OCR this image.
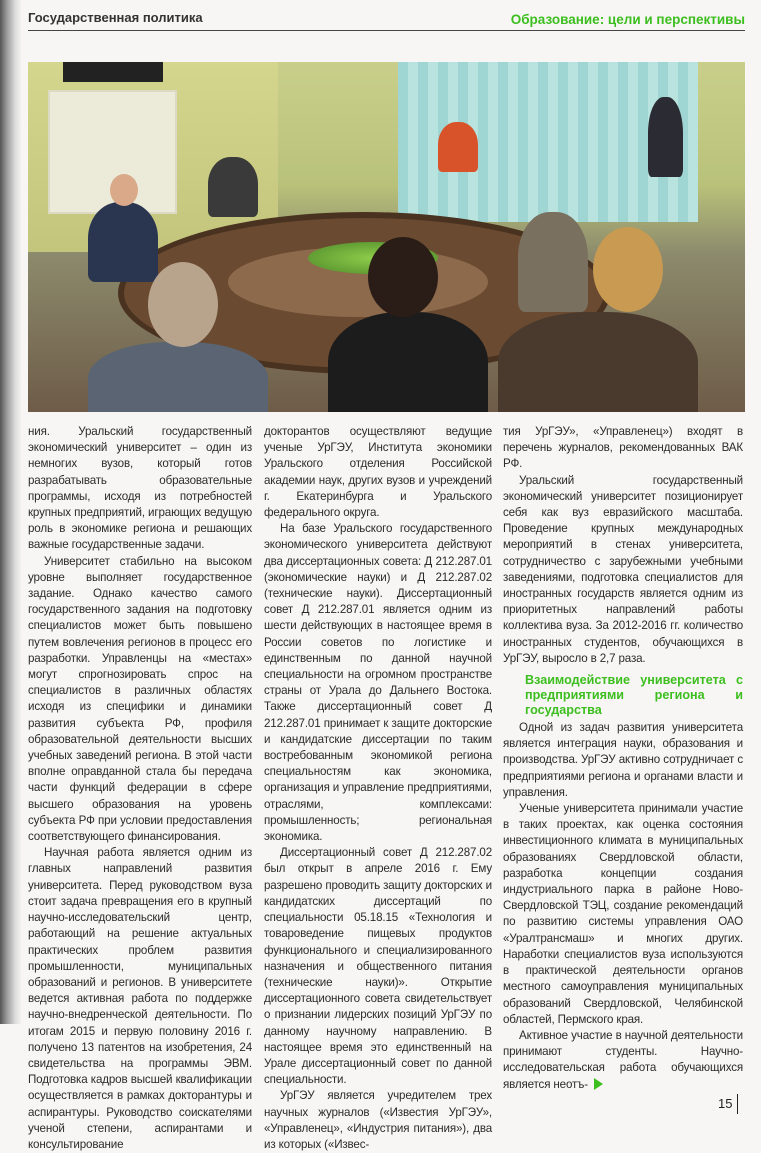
Государственная политика	Образование: цели и перспективы

ния. Уральский государственный экономический университет – один из немногих вузов, который готов разрабатывать образовательные программы, исходя из потребностей крупных предприятий, играющих ведущую роль в экономике региона и решающих важные государственные задачи.

Университет стабильно на высоком уровне выполняет государственное задание. Однако качество самого государственного задания на подготовку специалистов может быть повышено путем вовлечения регионов в процесс его разработки. Управленцы на «местах» могут спрогнозировать спрос на специалистов в различных областях исходя из специфики и динамики развития субъекта РФ, профиля образовательной деятельности высших учебных заведений региона. В этой части вполне оправданной стала бы передача части функций федерации в сфере высшего образования на уровень субъекта РФ при условии предоставления соответствующего финансирования.

Научная работа является одним из главных направлений развития университета. Перед руководством вуза стоит задача превращения его в крупный научно-исследовательский центр, работающий на решение актуальных практических проблем развития промышленности, муниципальных образований и регионов. В университете ведется активная работа по поддержке научно-внедренческой деятельности. По итогам 2015 и первую половину 2016 г. получено 13 патентов на изобретения, 24 свидетельства на программы ЭВМ. Подготовка кадров высшей квалификации осуществляется в рамках докторантуры и аспирантуры. Руководство соискателями ученой степени, аспирантами и консультирование

докторантов осуществляют ведущие ученые УрГЭУ, Института экономики Уральского отделения Российской академии наук, других вузов и учреждений г. Екатеринбурга и Уральского федерального округа.

На базе Уральского государственного экономического университета действуют два диссертационных совета: Д 212.287.01 (экономические науки) и Д 212.287.02 (технические науки). Диссертационный совет Д 212.287.01 является одним из шести действующих в настоящее время в России советов по логистике и единственным по данной научной специальности на огромном пространстве страны от Урала до Дальнего Востока. Также диссертационный совет Д 212.287.01 принимает к защите докторские и кандидатские диссертации по таким востребованным экономикой региона специальностям как экономика, организация и управление предприятиями, отраслями, комплексами: промышленность; региональная экономика.

Диссертационный совет Д 212.287.02 был открыт в апреле 2016 г. Ему разрешено проводить защиту докторских и кандидатских диссертаций по специальности 05.18.15 «Технология и товароведение пищевых продуктов функционального и специализированного назначения и общественного питания (технические науки)». Открытие диссертационного совета свидетельствует о признании лидерских позиций УрГЭУ по данному научному направлению. В настоящее время это единственный на Урале диссертационный совет по данной специальности.

УрГЭУ является учредителем трех научных журналов («Известия УрГЭУ», «Управленец», «Индустрия питания»), два из которых («Извес-

тия УрГЭУ», «Управленец») входят в перечень журналов, рекомендованных ВАК РФ.

Уральский государственный экономический университет позиционирует себя как вуз евразийского масштаба. Проведение крупных международных мероприятий в стенах университета, сотрудничество с зарубежными учебными заведениями, подготовка специалистов для иностранных государств является одним из приоритетных направлений работы коллектива вуза. За 2012-2016 гг. количество иностранных студентов, обучающихся в УрГЭУ, выросло в 2,7 раза.

Взаимодействие университета с предприятиями региона и государства

Одной из задач развития университета является интеграция науки, образования и производства. УрГЭУ активно сотрудничает с предприятиями региона и органами власти и управления.

Ученые университета принимали участие в таких проектах, как оценка состояния инвестиционного климата в муниципальных образованиях Свердловской области, разработка концепции создания индустриального парка в районе Ново-Свердловской ТЭЦ, создание рекомендаций по развитию системы управления ОАО «Уралтрансмаш» и многих других. Наработки специалистов вуза используются в практической деятельности органов местного самоуправления муниципальных образований Свердловской, Челябинской областей, Пермского края.

Активное участие в научной деятельности принимают студенты. Научно-исследовательская работа обучающихся является неотъ-

15
